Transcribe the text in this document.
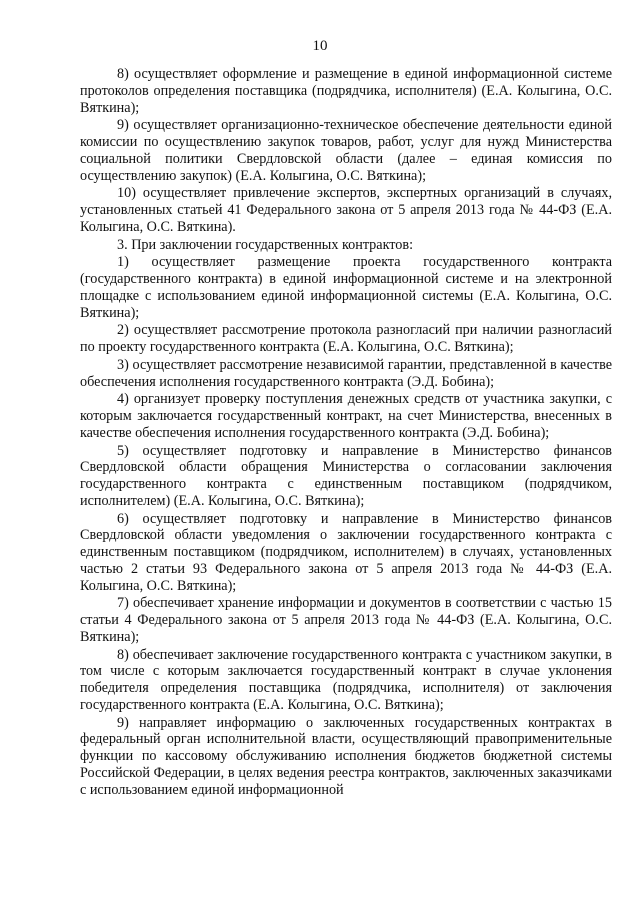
10

8) осуществляет оформление и размещение в единой информационной системе протоколов определения поставщика (подрядчика, исполнителя) (Е.А. Колыгина, О.С. Вяткина);

9) осуществляет организационно-техническое обеспечение деятельности единой комиссии по осуществлению закупок товаров, работ, услуг для нужд Министерства социальной политики Свердловской области (далее – единая комиссия по осуществлению закупок) (Е.А. Колыгина, О.С. Вяткина);

10) осуществляет привлечение экспертов, экспертных организаций в случаях, установленных статьей 41 Федерального закона от 5 апреля 2013 года № 44-ФЗ (Е.А. Колыгина, О.С. Вяткина).

3. При заключении государственных контрактов:

1) осуществляет размещение проекта государственного контракта (государственного контракта) в единой информационной системе и на электронной площадке с использованием единой информационной системы (Е.А. Колыгина, О.С. Вяткина);

2) осуществляет рассмотрение протокола разногласий при наличии разногласий по проекту государственного контракта (Е.А. Колыгина, О.С. Вяткина);

3) осуществляет рассмотрение независимой гарантии, представленной в качестве обеспечения исполнения государственного контракта (Э.Д. Бобина);

4) организует проверку поступления денежных средств от участника закупки, с которым заключается государственный контракт, на счет Министерства, внесенных в качестве обеспечения исполнения государственного контракта (Э.Д. Бобина);

5) осуществляет подготовку и направление в Министерство финансов Свердловской области обращения Министерства о согласовании заключения государственного контракта с единственным поставщиком (подрядчиком, исполнителем) (Е.А. Колыгина, О.С. Вяткина);

6) осуществляет подготовку и направление в Министерство финансов Свердловской области уведомления о заключении государственного контракта с единственным поставщиком (подрядчиком, исполнителем) в случаях, установленных частью 2 статьи 93 Федерального закона от 5 апреля 2013 года № 44-ФЗ (Е.А. Колыгина, О.С. Вяткина);

7) обеспечивает хранение информации и документов в соответствии с частью 15 статьи 4 Федерального закона от 5 апреля 2013 года № 44-ФЗ (Е.А. Колыгина, О.С. Вяткина);

8) обеспечивает заключение государственного контракта с участником закупки, в том числе с которым заключается государственный контракт в случае уклонения победителя определения поставщика (подрядчика, исполнителя) от заключения государственного контракта (Е.А. Колыгина, О.С. Вяткина);

9) направляет информацию о заключенных государственных контрактах в федеральный орган исполнительной власти, осуществляющий правоприменительные функции по кассовому обслуживанию исполнения бюджетов бюджетной системы Российской Федерации, в целях ведения реестра контрактов, заключенных заказчиками с использованием единой информационной
